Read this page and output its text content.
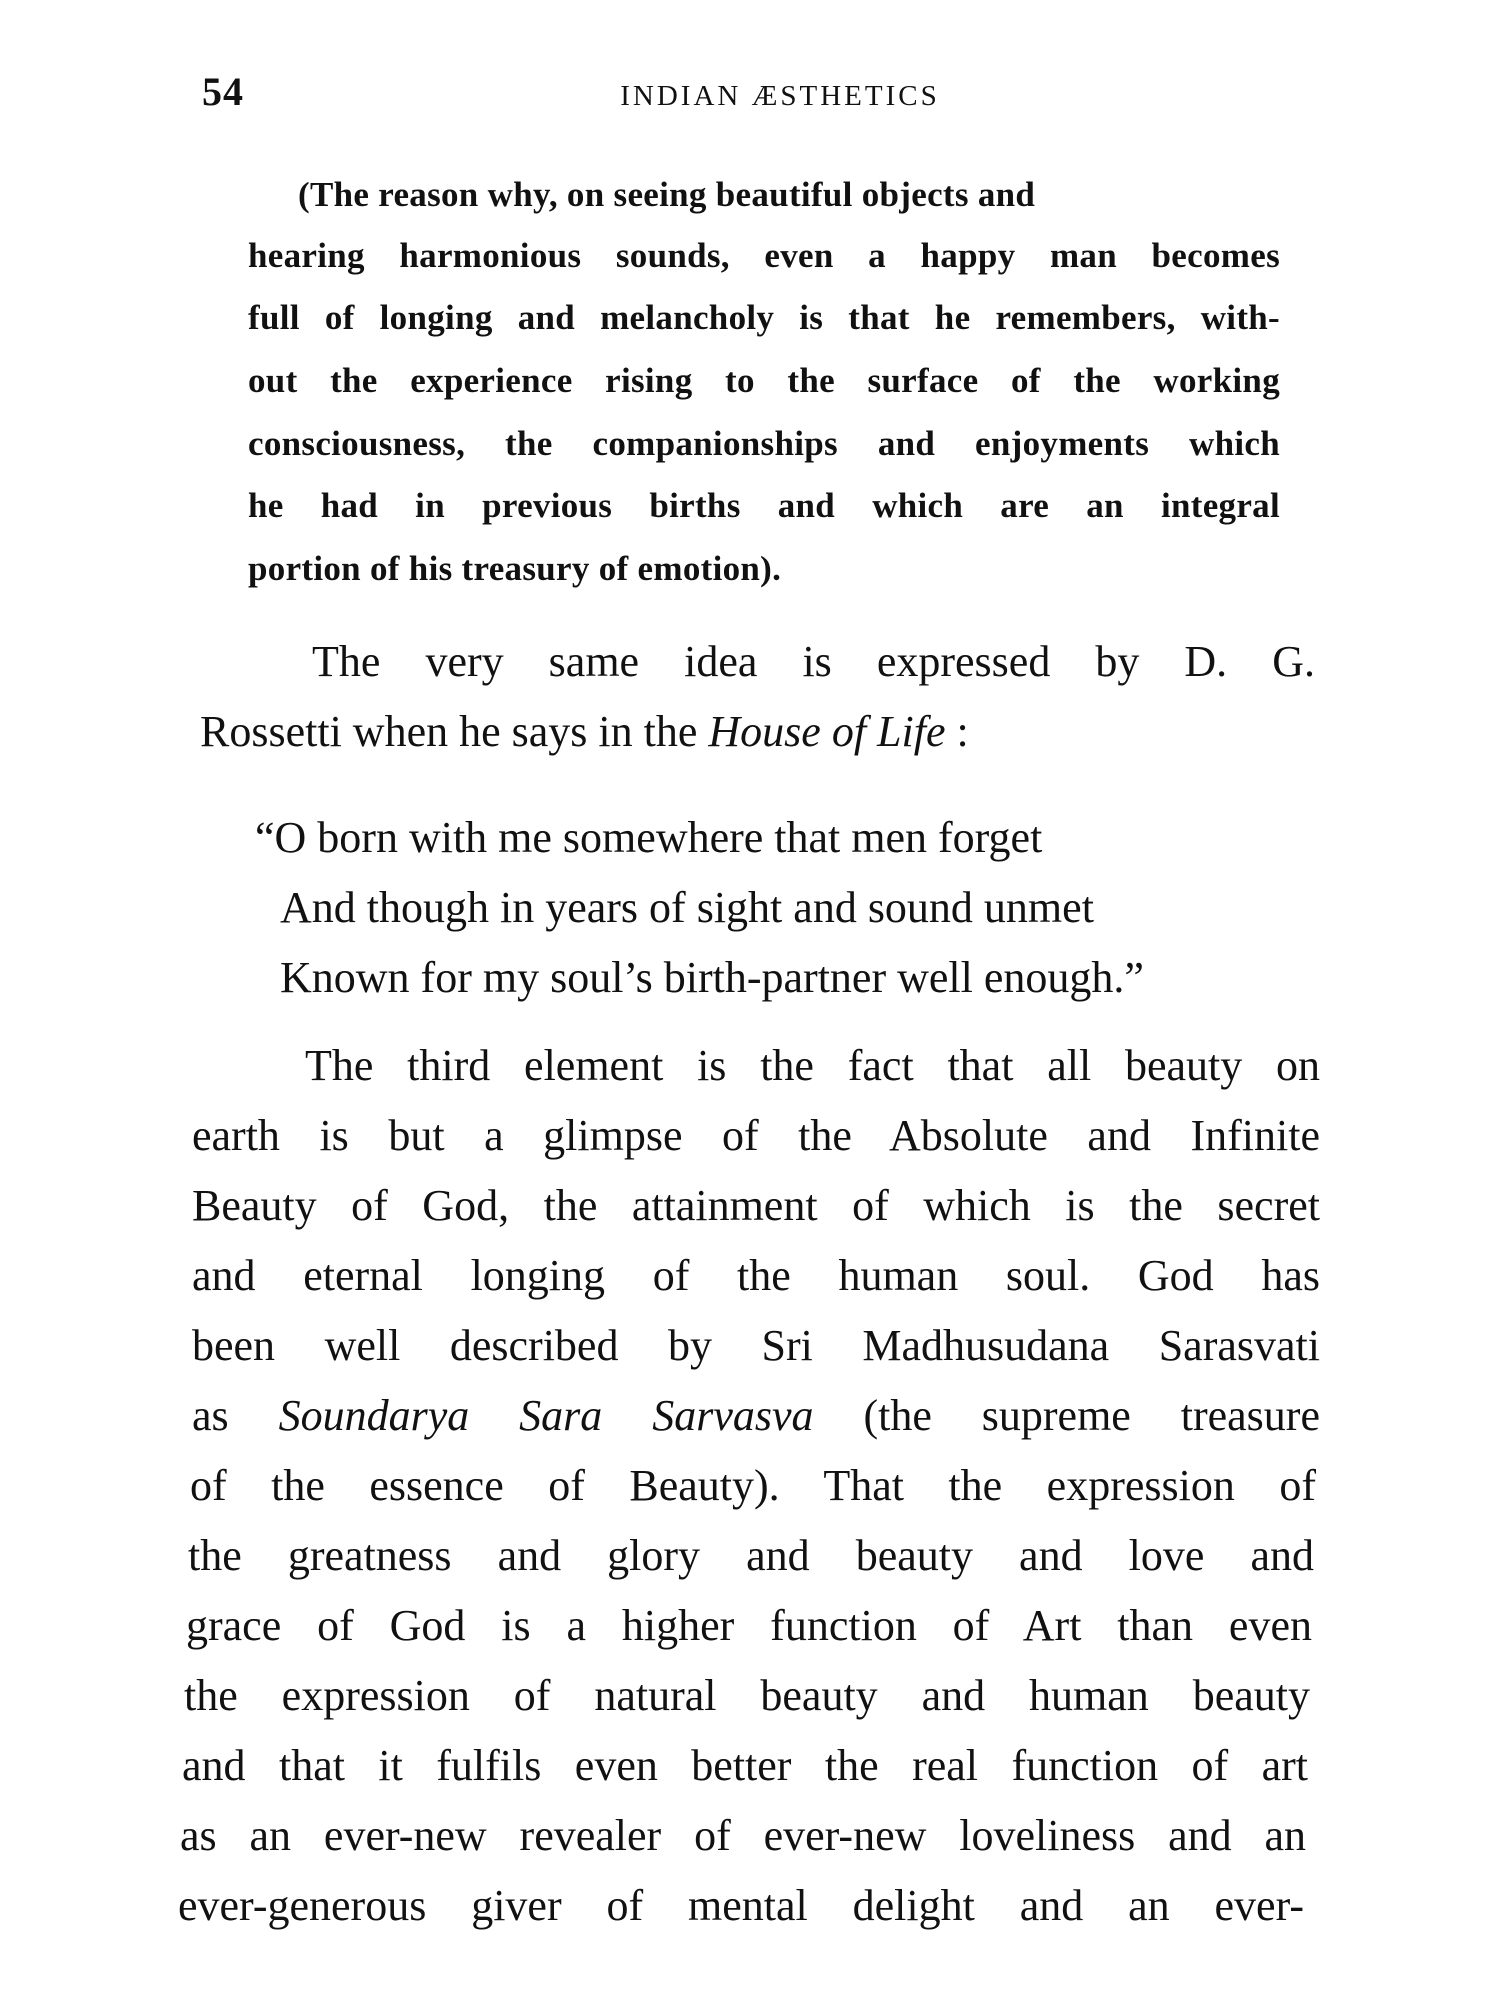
54	INDIAN ÆSTHETICS
(The reason why, on seeing beautiful objects and
hearing harmonious sounds, even a happy man becomes
full of longing and melancholy is that he remembers, with-
out the experience rising to the surface of the working
consciousness, the companionships and enjoyments which
he had in previous births and which are an integral
portion of his treasury of emotion).
The very same idea is expressed by D. G.
Rossetti when he says in the House of Life :
“O born with me somewhere that men forget
And though in years of sight and sound unmet
Known for my soul’s birth-partner well enough.”
The third element is the fact that all beauty on
earth is but a glimpse of the Absolute and Infinite
Beauty of God, the attainment of which is the secret
and eternal longing of the human soul. God has
been well described by Sri Madhusudana Sarasvati
as Soundarya Sara Sarvasva (the supreme treasure
of the essence of Beauty). That the expression of
the greatness and glory and beauty and love and
grace of God is a higher function of Art than even
the expression of natural beauty and human beauty
and that it fulfils even better the real function of art
as an ever-new revealer of ever-new loveliness and an
ever-generous giver of mental delight and an ever-
